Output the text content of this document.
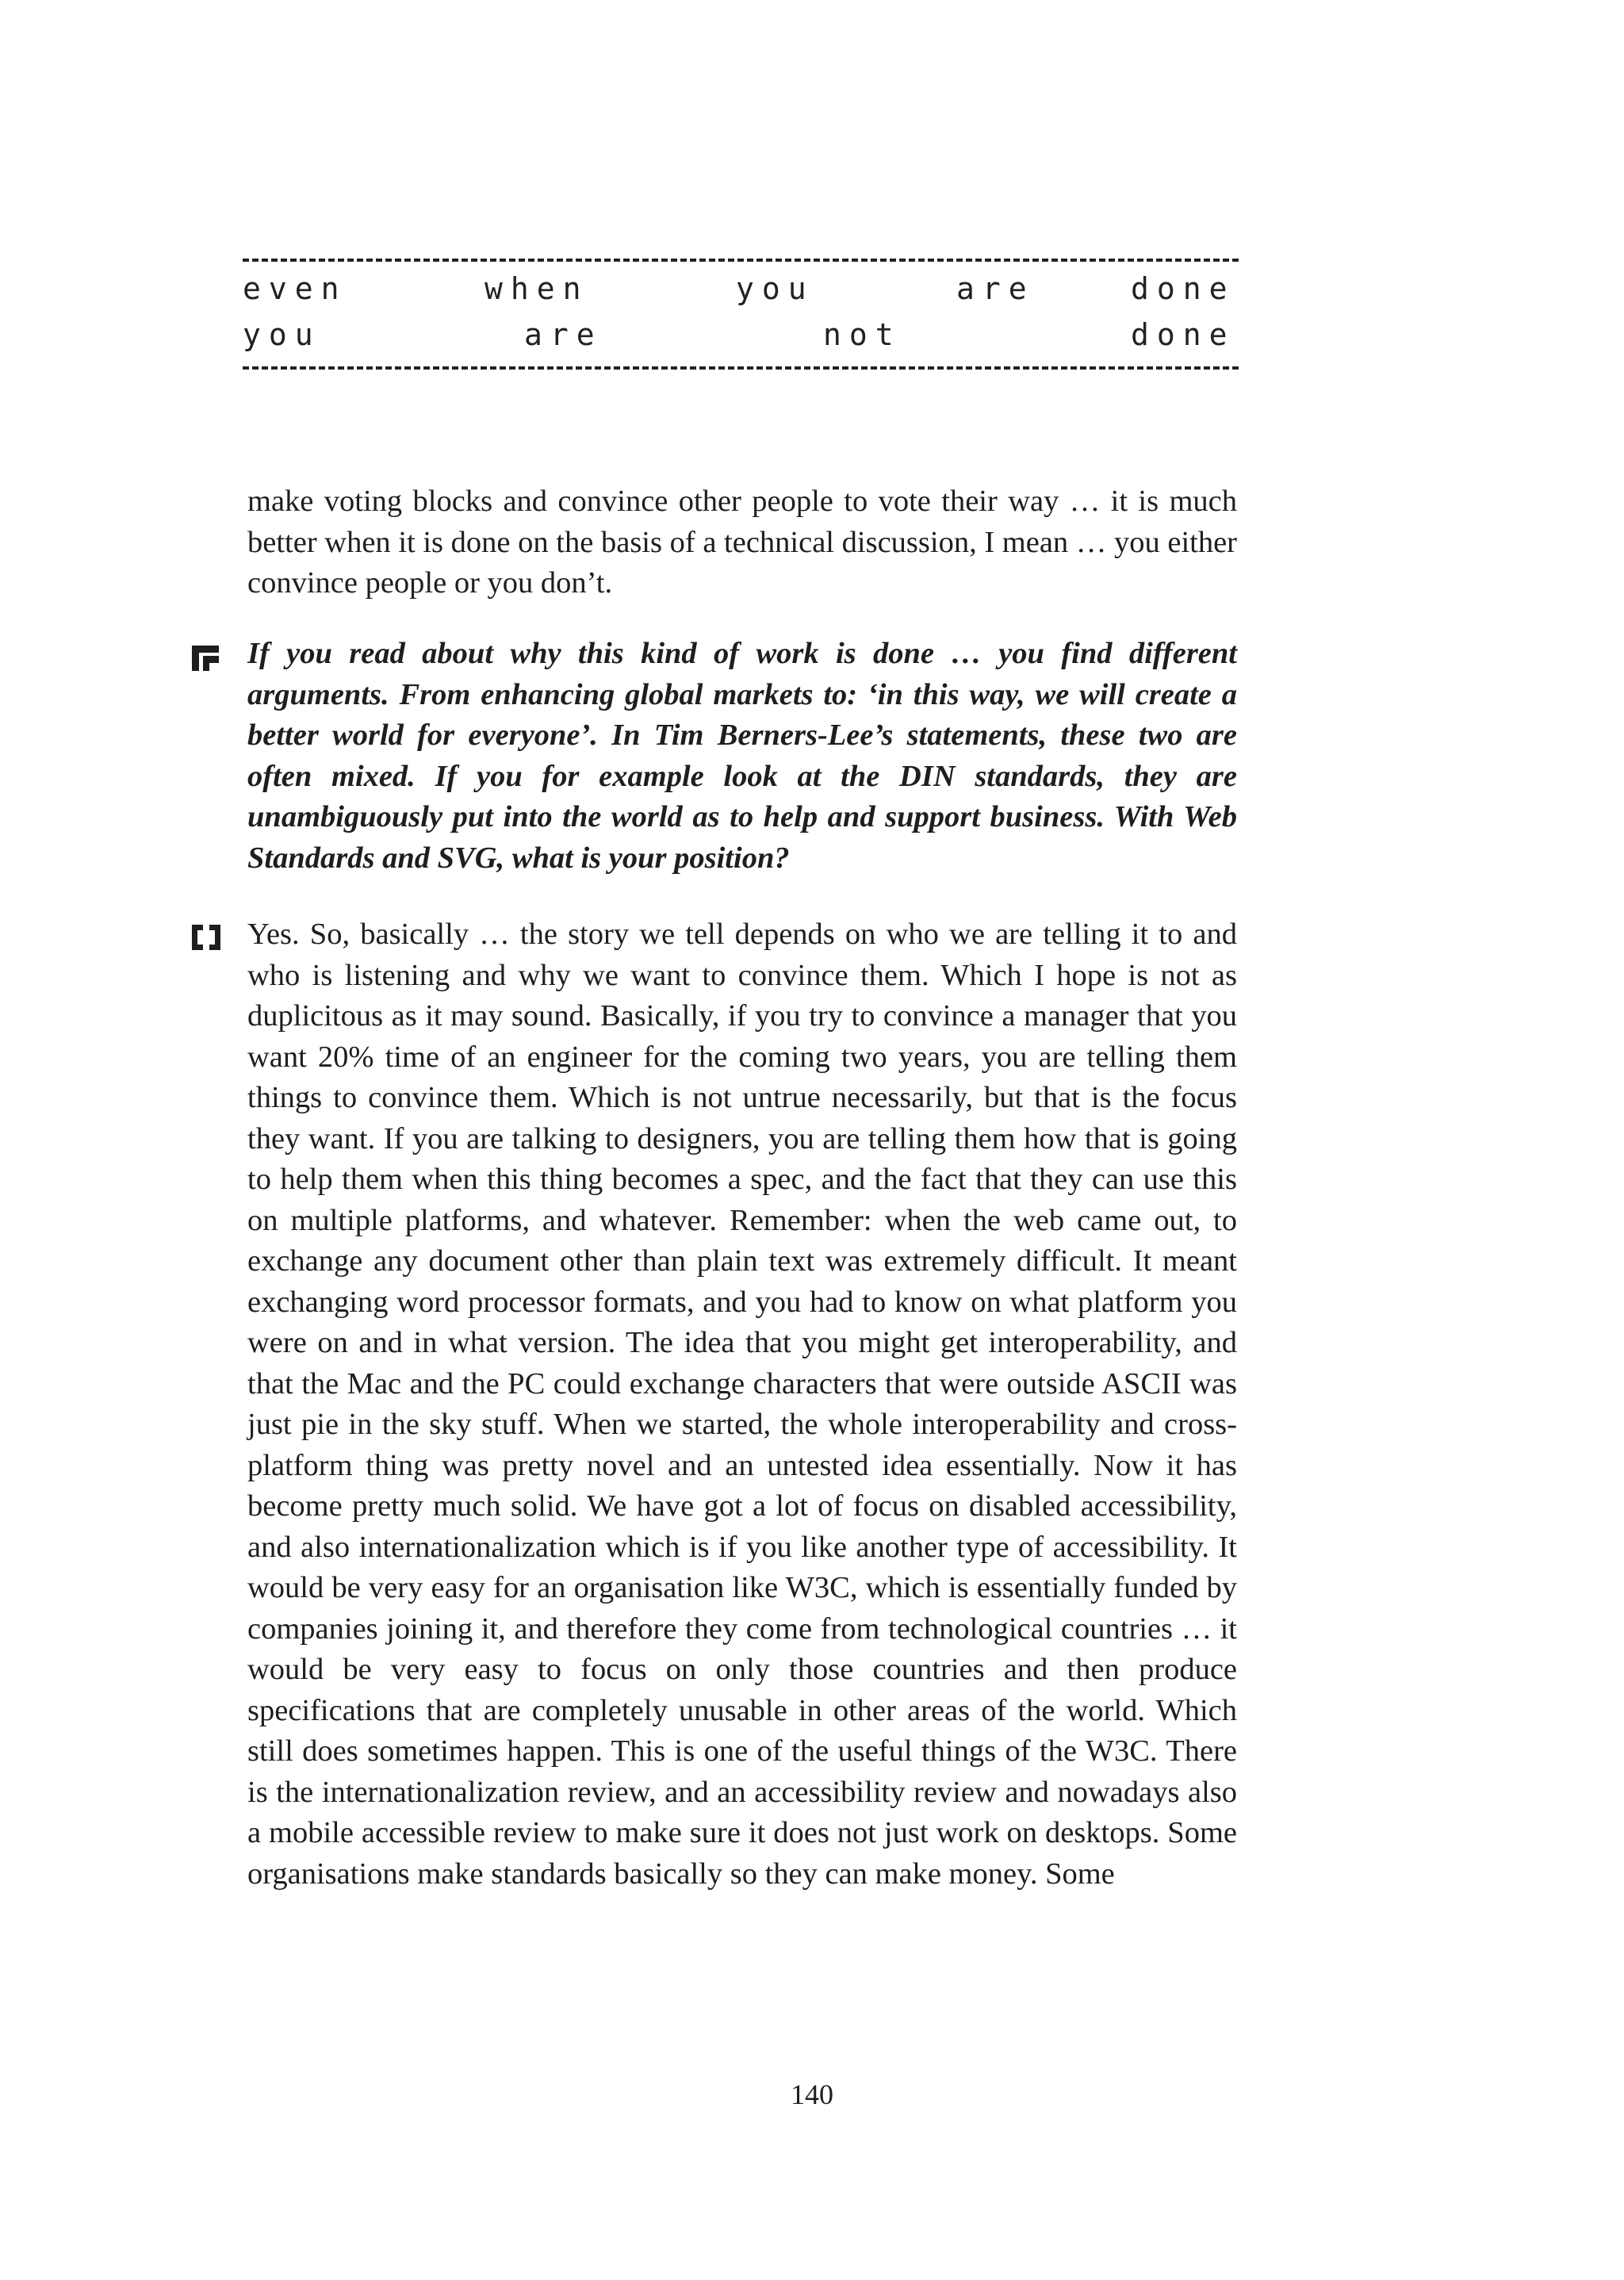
even	when	you	are	done
you	are	not	done

make voting blocks and convince other people to vote their way … it is much better when it is done on the basis of a technical discussion, I mean … you either convince people or you don’t.

If you read about why this kind of work is done … you find different arguments. From enhancing global markets to: ‘in this way, we will create a better world for everyone’. In Tim Berners-Lee’s statements, these two are often mixed. If you for example look at the DIN standards, they are unambiguously put into the world as to help and support business. With Web Standards and SVG, what is your position?

Yes. So, basically … the story we tell depends on who we are telling it to and who is listening and why we want to convince them. Which I hope is not as duplicitous as it may sound. Basically, if you try to convince a manager that you want 20% time of an engineer for the coming two years, you are telling them things to convince them. Which is not untrue necessarily, but that is the focus they want. If you are talking to designers, you are telling them how that is going to help them when this thing becomes a spec, and the fact that they can use this on multiple platforms, and whatever. Remember: when the web came out, to exchange any document other than plain text was extremely difficult. It meant exchanging word processor formats, and you had to know on what platform you were on and in what version. The idea that you might get interoperability, and that the Mac and the PC could exchange characters that were outside ASCII was just pie in the sky stuff. When we started, the whole interoperability and cross-platform thing was pretty novel and an untested idea essentially. Now it has become pretty much solid. We have got a lot of focus on disabled accessibility, and also internationalization which is if you like another type of accessibility. It would be very easy for an organisation like W3C, which is essentially funded by companies joining it, and therefore they come from technological countries … it would be very easy to focus on only those countries and then produce specifications that are completely unusable in other areas of the world. Which still does sometimes happen. This is one of the useful things of the W3C. There is the internationalization review, and an accessibility review and nowadays also a mobile accessible review to make sure it does not just work on desktops. Some organisations make standards basically so they can make money. Some

140
